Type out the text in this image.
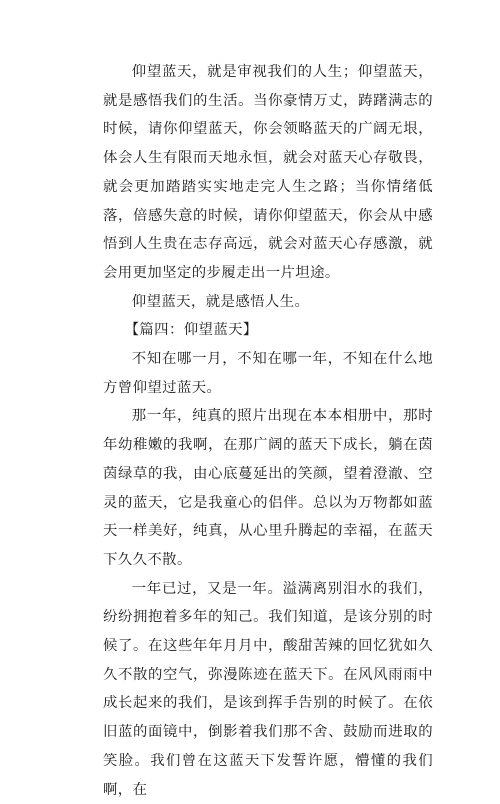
仰望蓝天，就是审视我们的人生；仰望蓝天，就是感悟我们的生活。当你豪情万丈，踌躇满志的时候，请你仰望蓝天，你会领略蓝天的广阔无垠，体会人生有限而天地永恒，就会对蓝天心存敬畏，就会更加踏踏实实地走完人生之路；当你情绪低落，倍感失意的时候，请你仰望蓝天，你会从中感悟到人生贵在志存高远，就会对蓝天心存感激，就会用更加坚定的步履走出一片坦途。

仰望蓝天，就是感悟人生。

【篇四：仰望蓝天】

不知在哪一月，不知在哪一年，不知在什么地方曾仰望过蓝天。

那一年，纯真的照片出现在本本相册中，那时年幼稚嫩的我啊，在那广阔的蓝天下成长，躺在茵茵绿草的我，由心底蔓延出的笑颜，望着澄澈、空灵的蓝天，它是我童心的侣伴。总以为万物都如蓝天一样美好，纯真，从心里升腾起的幸福，在蓝天下久久不散。

一年已过，又是一年。溢满离别泪水的我们，纷纷拥抱着多年的知己。我们知道，是该分别的时候了。在这些年年月月中，酸甜苦辣的回忆犹如久久不散的空气，弥漫陈迹在蓝天下。在风风雨雨中成长起来的我们，是该到挥手告别的时候了。在依旧蓝的面镜中，倒影着我们那不舍、鼓励而进取的笑脸。我们曾在这蓝天下发誓许愿，懵懂的我们啊，在
